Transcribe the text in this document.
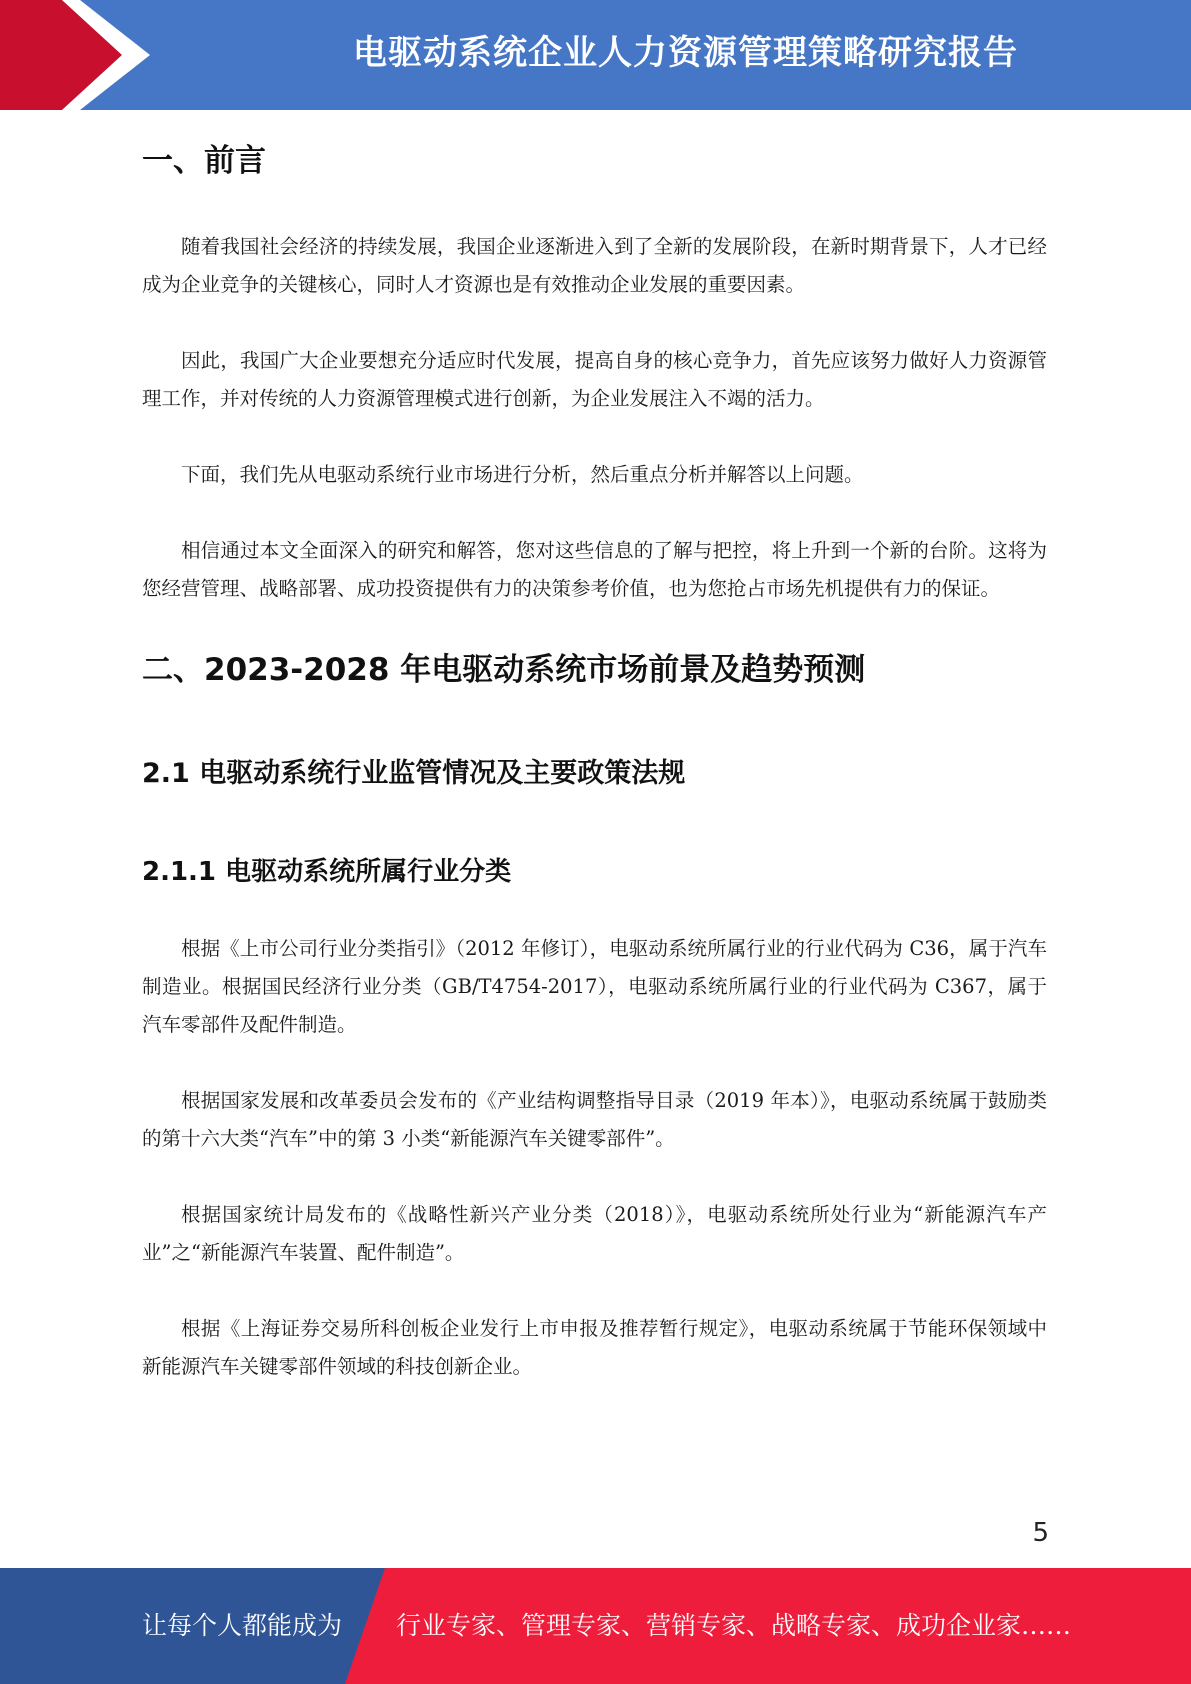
电驱动系统企业人力资源管理策略研究报告
一、前言

随着我国社会经济的持续发展，我国企业逐渐进入到了全新的发展阶段，在新时期背景下，人才已经成为企业竞争的关键核心，同时人才资源也是有效推动企业发展的重要因素。

因此，我国广大企业要想充分适应时代发展，提高自身的核心竞争力，首先应该努力做好人力资源管理工作，并对传统的人力资源管理模式进行创新，为企业发展注入不竭的活力。

下面，我们先从电驱动系统行业市场进行分析，然后重点分析并解答以上问题。

相信通过本文全面深入的研究和解答，您对这些信息的了解与把控，将上升到一个新的台阶。这将为您经营管理、战略部署、成功投资提供有力的决策参考价值，也为您抢占市场先机提供有力的保证。

二、2023-2028 年电驱动系统市场前景及趋势预测
2.1 电驱动系统行业监管情况及主要政策法规
2.1.1 电驱动系统所属行业分类

根据《上市公司行业分类指引》（2012 年修订），电驱动系统所属行业的行业代码为 C36，属于汽车制造业。根据国民经济行业分类（GB/T4754-2017），电驱动系统所属行业的行业代码为 C367，属于汽车零部件及配件制造。

根据国家发展和改革委员会发布的《产业结构调整指导目录（2019 年本）》，电驱动系统属于鼓励类的第十六大类“汽车”中的第 3 小类“新能源汽车关键零部件”。

根据国家统计局发布的《战略性新兴产业分类（2018）》，电驱动系统所处行业为“新能源汽车产业”之“新能源汽车装置、配件制造”。

根据《上海证券交易所科创板企业发行上市申报及推荐暂行规定》，电驱动系统属于节能环保领域中新能源汽车关键零部件领域的科技创新企业。

5
让每个人都能成为 行业专家、管理专家、营销专家、战略专家、成功企业家……
